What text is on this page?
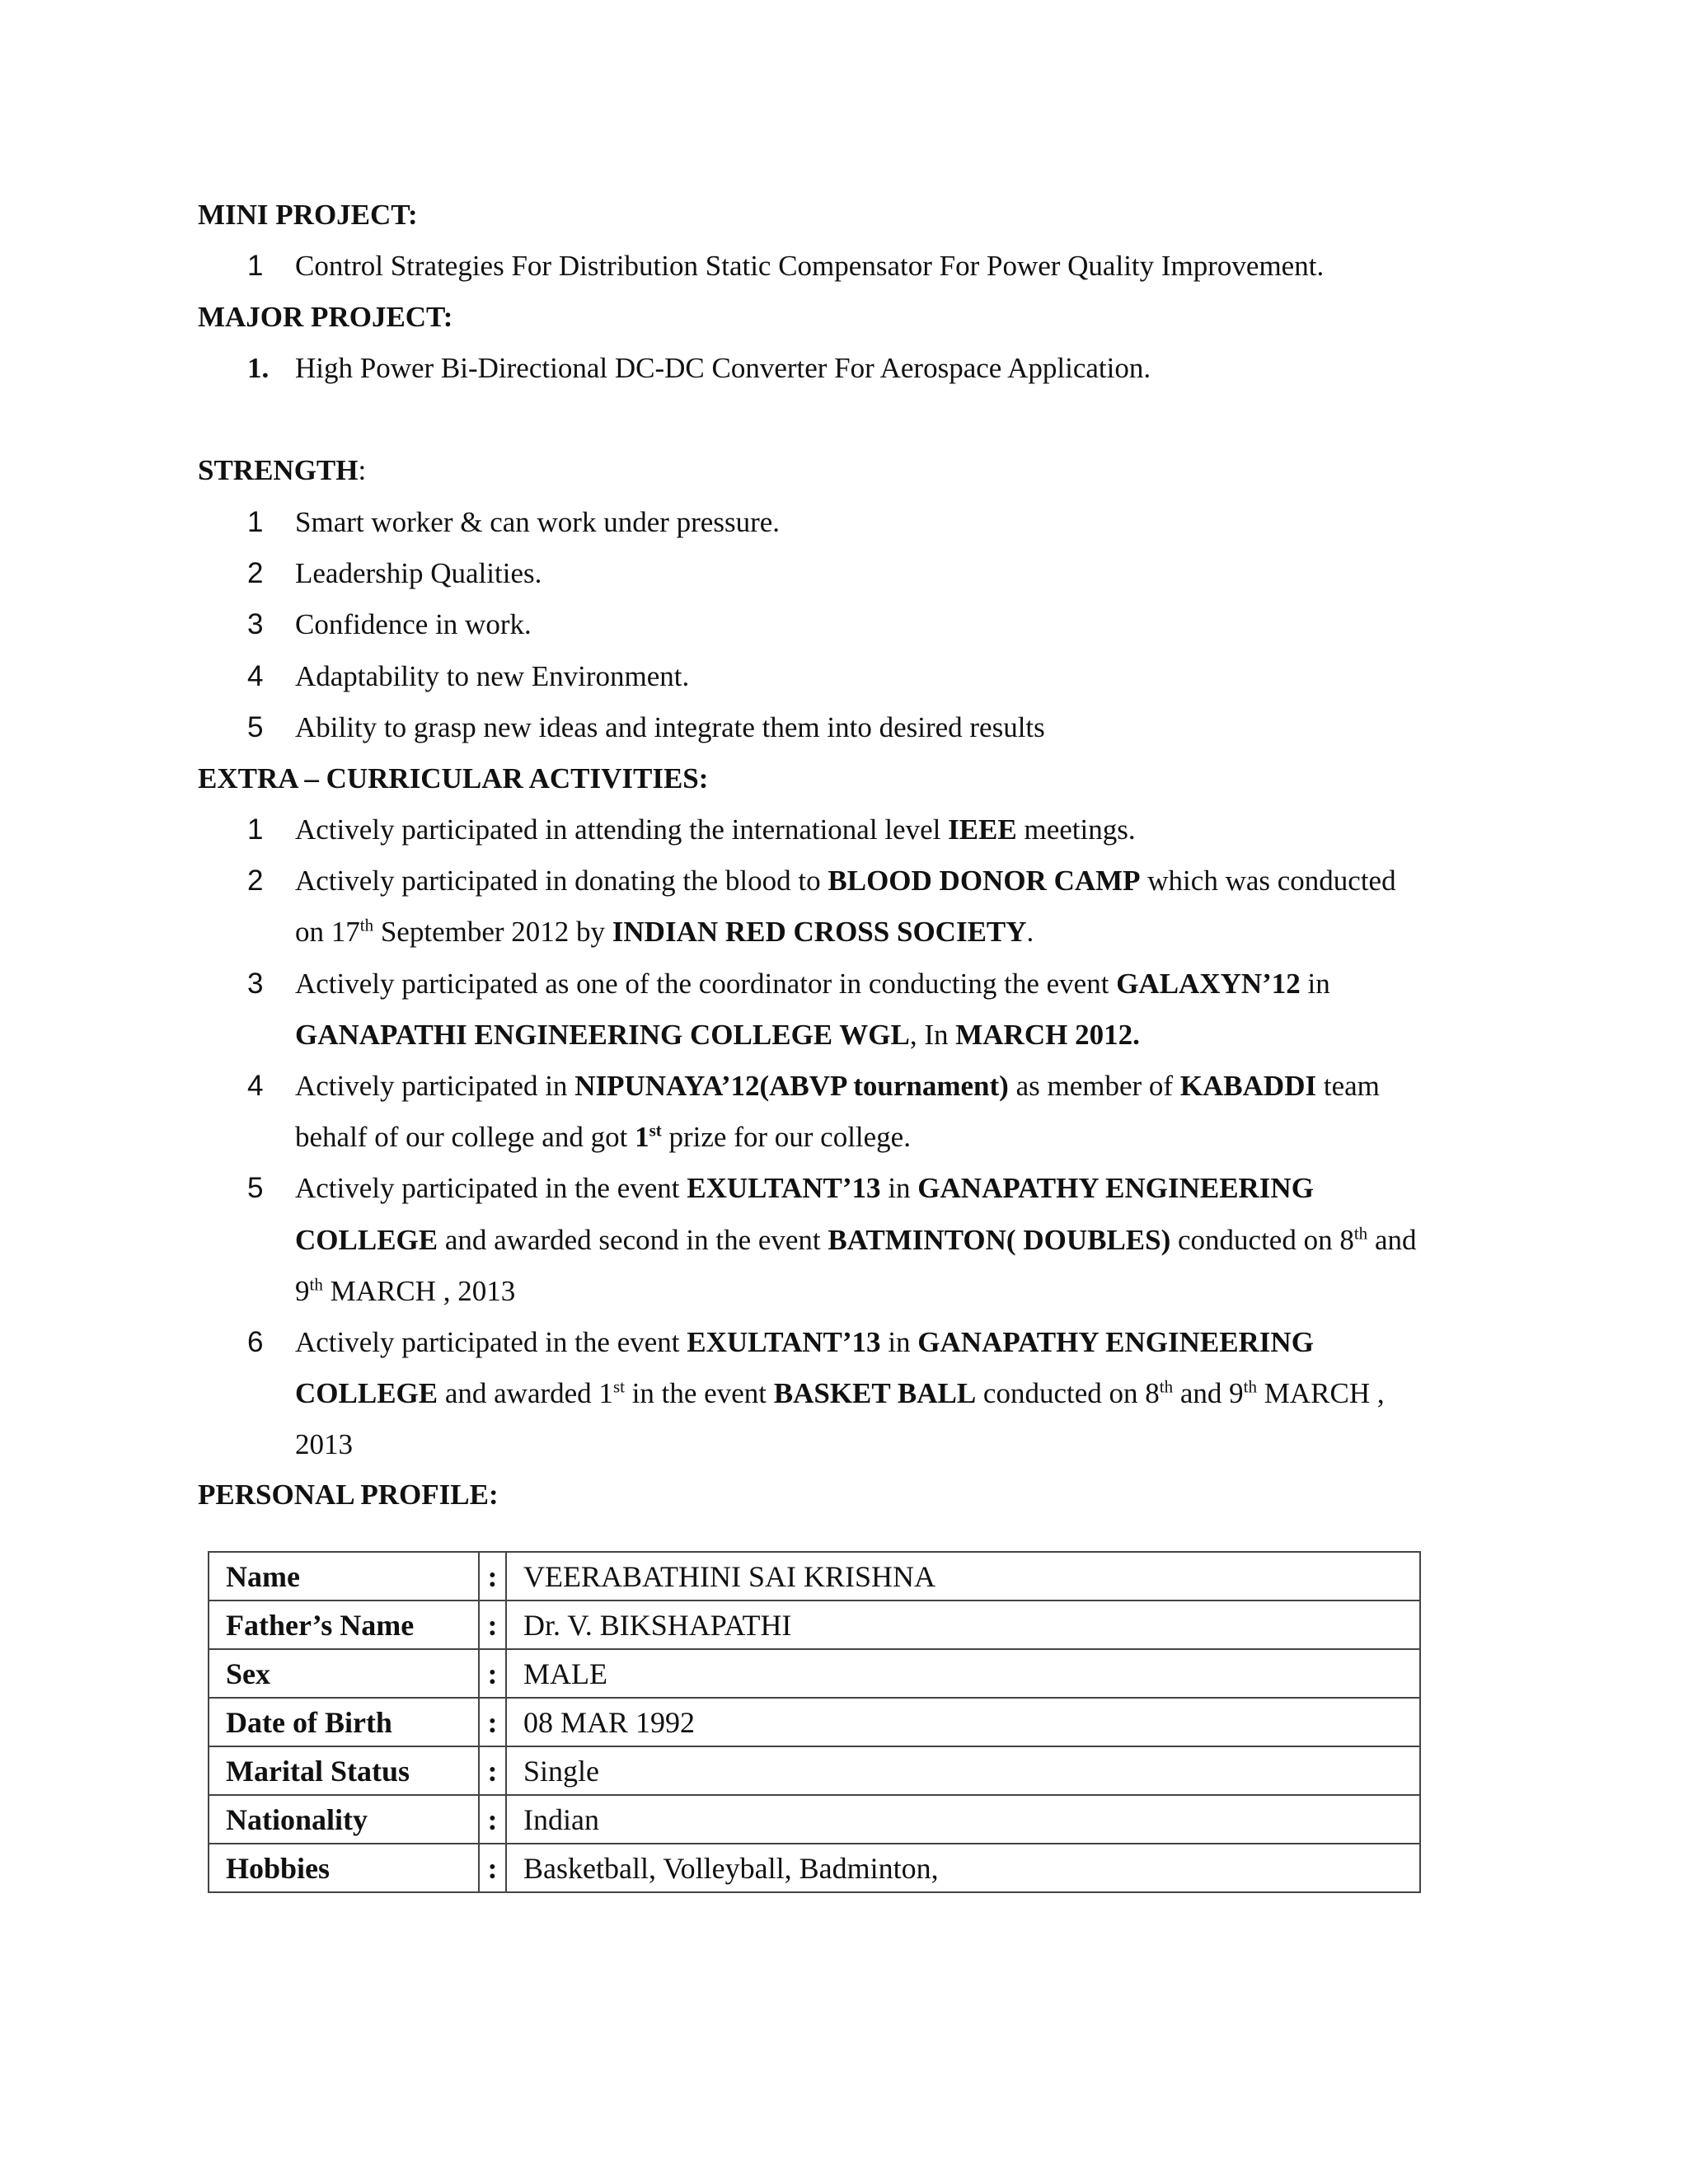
MINI PROJECT:
1 Control Strategies For Distribution Static Compensator For Power Quality Improvement.
MAJOR PROJECT:
1. High Power Bi-Directional DC-DC Converter For Aerospace Application.
STRENGTH:
1 Smart worker & can work under pressure.
2 Leadership Qualities.
3 Confidence in work.
4 Adaptability to new Environment.
5 Ability to grasp new ideas and integrate them into desired results
EXTRA – CURRICULAR ACTIVITIES:
1 Actively participated in attending the international level IEEE meetings.
2 Actively participated in donating the blood to BLOOD DONOR CAMP which was conducted
on 17th September 2012 by INDIAN RED CROSS SOCIETY.
3 Actively participated as one of the coordinator in conducting the event GALAXYN’12 in
GANAPATHI ENGINEERING COLLEGE WGL, In MARCH 2012.
4 Actively participated in NIPUNAYA’12(ABVP tournament) as member of KABADDI team
behalf of our college and got 1st prize for our college.
5 Actively participated in the event EXULTANT’13 in GANAPATHY ENGINEERING
COLLEGE and awarded second in the event BATMINTON( DOUBLES) conducted on 8th and
9th MARCH , 2013
6 Actively participated in the event EXULTANT’13 in GANAPATHY ENGINEERING
COLLEGE and awarded 1st in the event BASKET BALL conducted on 8th and 9th MARCH ,
2013
PERSONAL PROFILE:
Name	:	VEERABATHINI SAI KRISHNA
Father’s Name	:	Dr. V. BIKSHAPATHI
Sex	:	MALE
Date of Birth	:	08 MAR 1992
Marital Status	:	Single
Nationality	:	Indian
Hobbies	:	Basketball, Volleyball, Badminton,
